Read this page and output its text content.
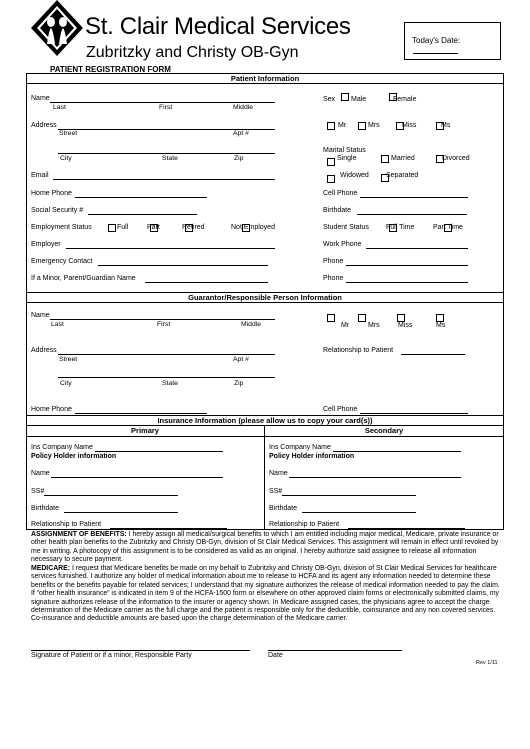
St. Clair Medical Services
Zubritzky and Christy OB-Gyn
PATIENT REGISTRATION FORM
Today's Date:
Patient Information
Name
Last	First	Middle
Sex Male	Female
Address
Street	Apt #
Mr	Mrs	Miss	Ms
City	State	Zip
Marital Status
Single	Married	Divorced
Widowed Separated
Email
Home Phone	Cell Phone
Social Security #	Birthdate
Employment Status	Full	Part	Retired	Not Employed	Student Status Full Time	Part Time
Employer	Work Phone
Emergency Contact	Phone
If a Minor, Parent/Guardian Name	Phone
Guarantor/Responsible Person Information
Name
Last	First	Middle	Mr	Mrs	Miss	Ms
Address
Street	Apt #
Relationship to Patient
City	State	Zip
Home Phone	Cell Phone
Insurance Information (please allow us to copy your card(s))
Primary	Secondary
Ins Company Name
Policy Holder information
Name
SS#
Birthdate
Relationship to Patient
Ins Company Name
Policy Holder information
Name
SS#
Birthdate
Relationship to Patient
ASSIGNMENT OF BENEFITS: I hereby assign all medical/surgical benefits to which I am entitled including major medical, Medicare, private insurance or other health plan benefits to the Zubritzky and Christy OB-Gyn, division of St Clair Medical Services. This assignment will remain in effect until revoked by me in writing. A photocopy of this assignment is to be considered as valid as an original. I hereby authorize said assignee to release all information necessary to secure payment.
MEDICARE: I request that Medicare benefits be made on my behalf to Zubritzky and Christy OB-Gyn, division of St Clair Medical Services for healthcare services furnished. I authorize any holder of medical information about me to release to HCFA and its agent any information needed to determine these benefits or the benefits payable for related services; I understand that my signature authorizes the release of medical information needed to pay the claim. If “other health insurance” is indicated in item 9 of the HCFA-1500 form or elsewhere on other approved claim forms or electronically submitted claims, my signature authorizes release of the information to the insurer or agency shown. In Medicare assigned cases, the physicians agree to accept the charge determination of the Medicare carrier as the full charge and the patient is responsible only for the deductible, coinsurance and any non covered services. Co-insurance and deductible amounts are based upon the charge determination of the Medicare carrier.
Signature of Patient or if a minor, Responsible Party	Date
Rev 1/11
